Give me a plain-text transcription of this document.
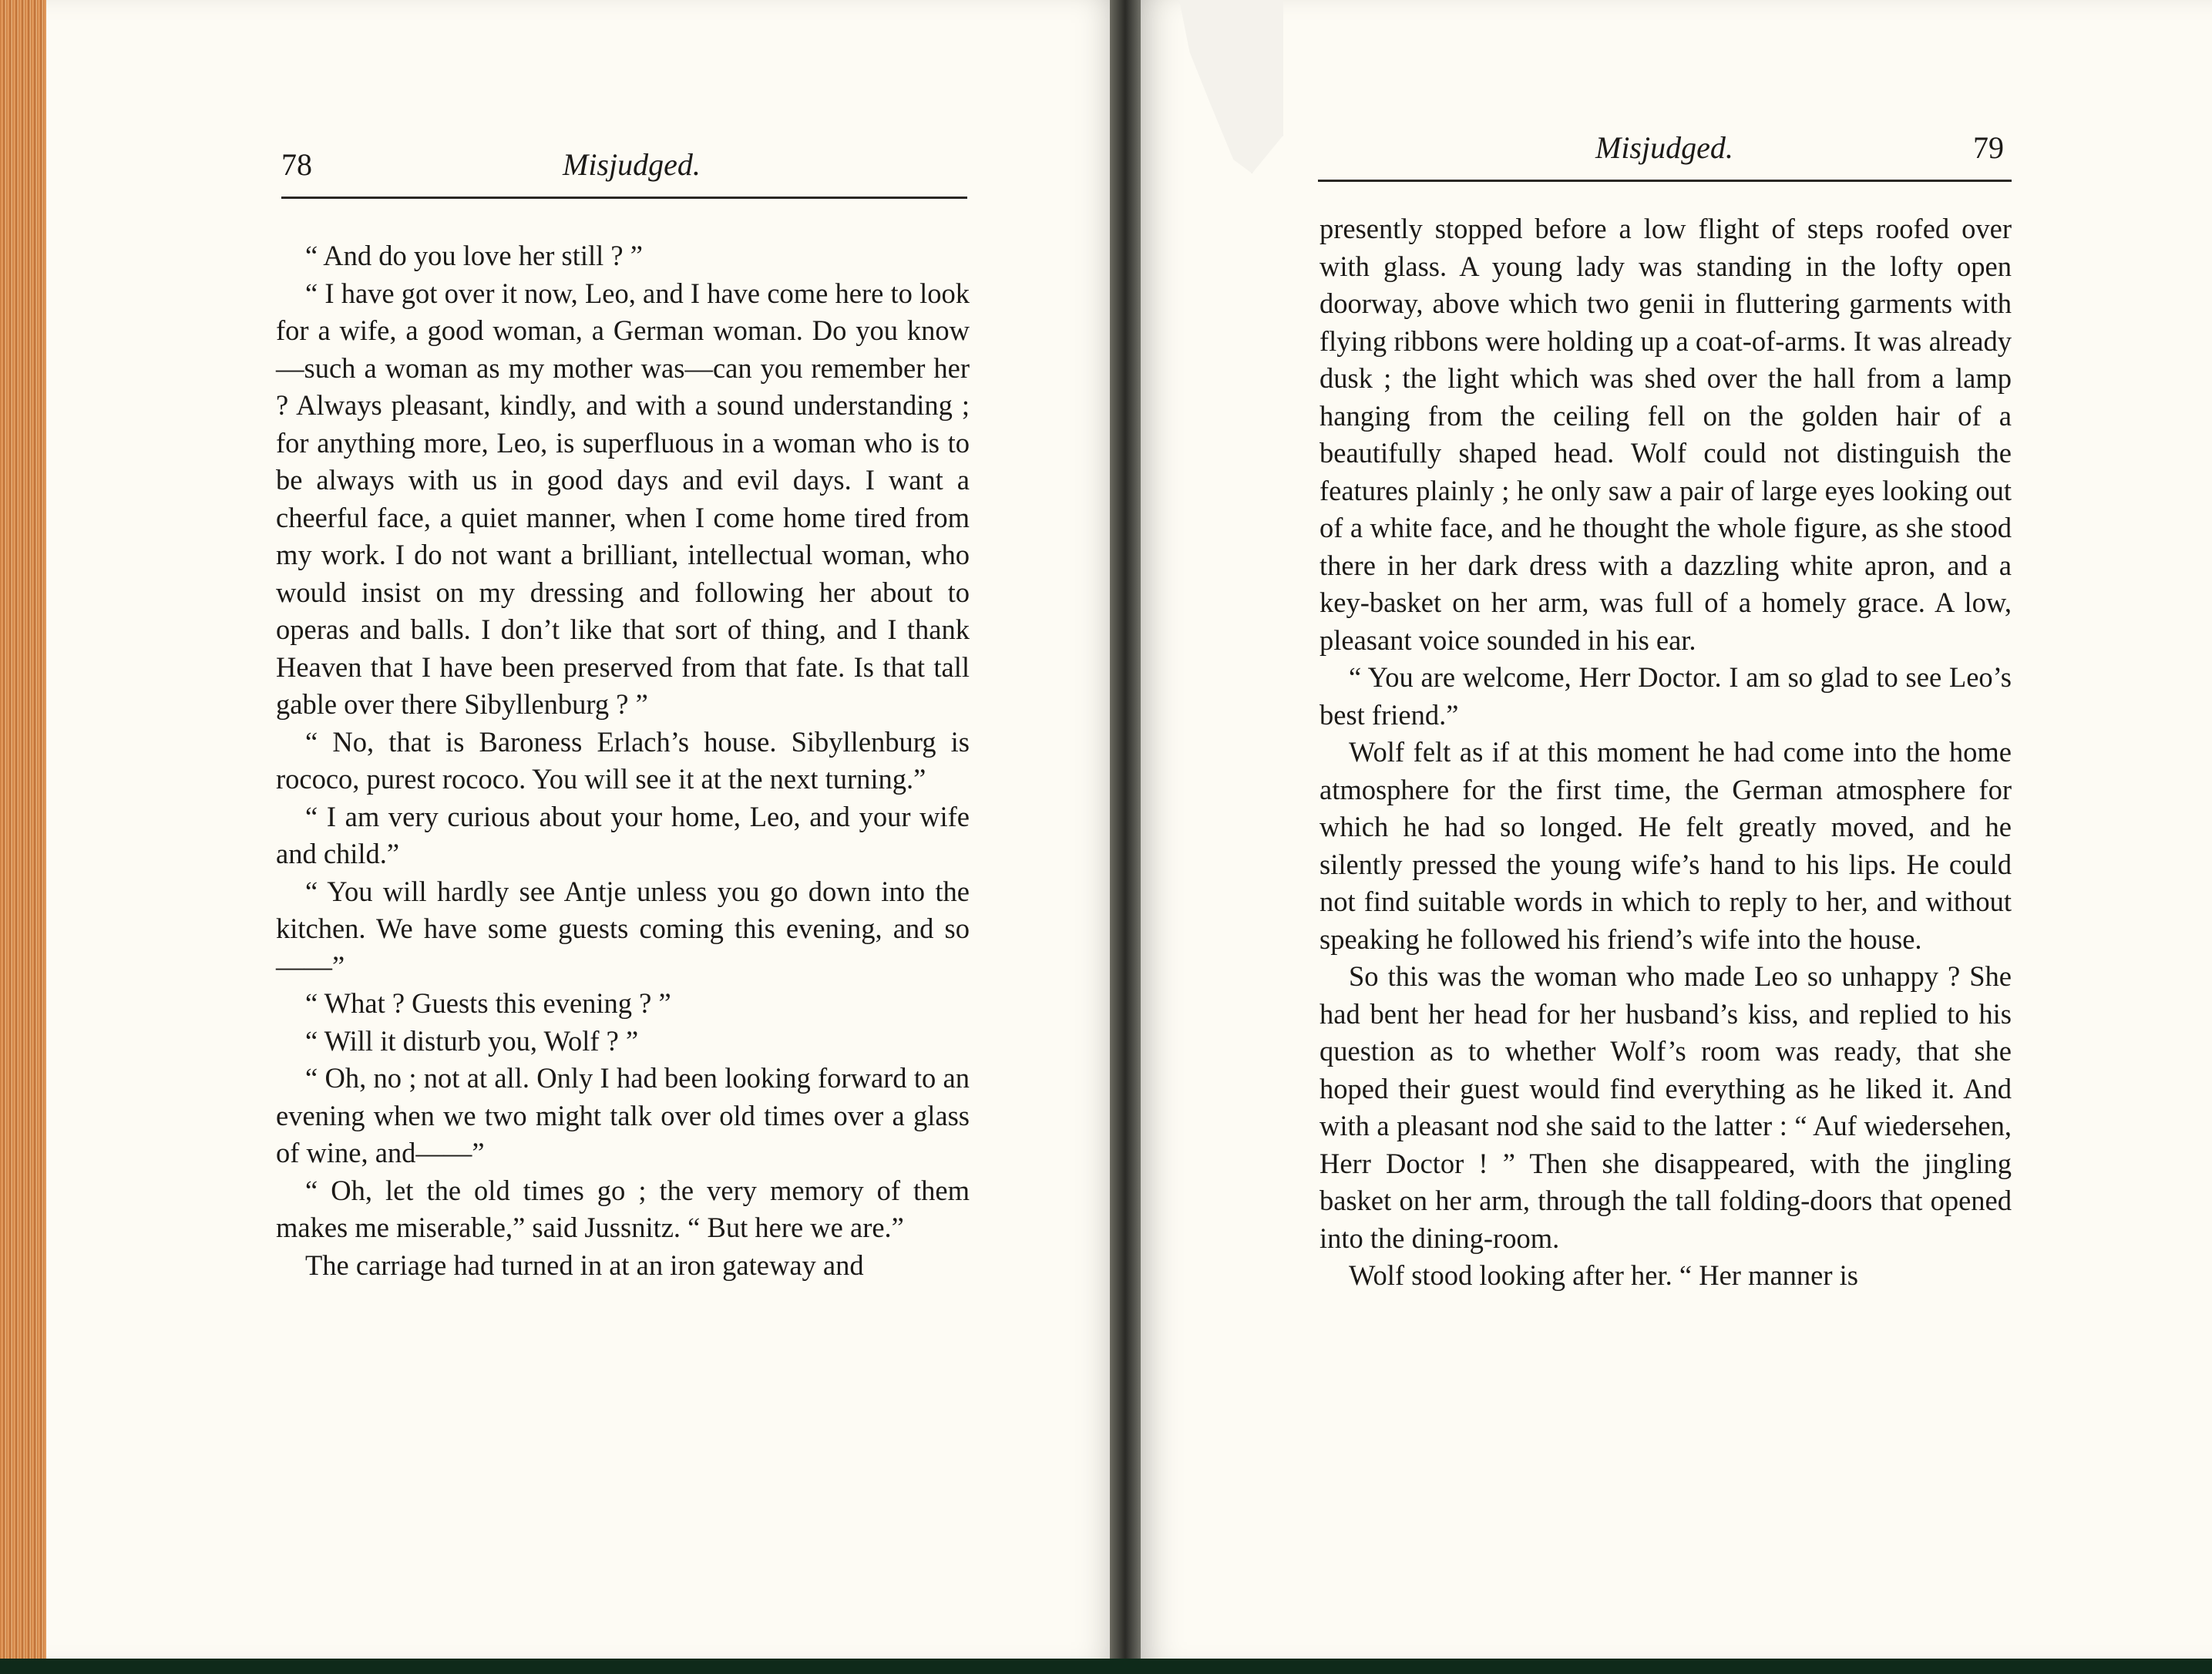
78	Misjudged.	Misjudged.	79

“ And do you love her still ? ”

“ I have got over it now, Leo, and I have come here to look for a wife, a good woman, a German woman. Do you know—such a woman as my mother was—can you remember her ? Always pleasant, kindly, and with a sound understanding ; for anything more, Leo, is superfluous in a woman who is to be always with us in good days and evil days. I want a cheerful face, a quiet manner, when I come home tired from my work. I do not want a brilliant, intellectual woman, who would insist on my dressing and following her about to operas and balls. I don’t like that sort of thing, and I thank Heaven that I have been preserved from that fate. Is that tall gable over there Sibyllenburg ? ”

“ No, that is Baroness Erlach’s house. Sibyllenburg is rococo, purest rococo. You will see it at the next turning.”

“ I am very curious about your home, Leo, and your wife and child.”

“ You will hardly see Antje unless you go down into the kitchen. We have some guests coming this evening, and so——”

“ What ? Guests this evening ? ”

“ Will it disturb you, Wolf ? ”

“ Oh, no ; not at all. Only I had been looking forward to an evening when we two might talk over old times over a glass of wine, and——”

“ Oh, let the old times go ; the very memory of them makes me miserable,” said Jussnitz. “ But here we are.”

The carriage had turned in at an iron gateway and

presently stopped before a low flight of steps roofed over with glass. A young lady was standing in the lofty open doorway, above which two genii in fluttering garments with flying ribbons were holding up a coat-of-arms. It was already dusk ; the light which was shed over the hall from a lamp hanging from the ceiling fell on the golden hair of a beautifully shaped head. Wolf could not distinguish the features plainly ; he only saw a pair of large eyes looking out of a white face, and he thought the whole figure, as she stood there in her dark dress with a dazzling white apron, and a key-basket on her arm, was full of a homely grace. A low, pleasant voice sounded in his ear.

“ You are welcome, Herr Doctor. I am so glad to see Leo’s best friend.”

Wolf felt as if at this moment he had come into the home atmosphere for the first time, the German atmosphere for which he had so longed. He felt greatly moved, and he silently pressed the young wife’s hand to his lips. He could not find suitable words in which to reply to her, and without speaking he followed his friend’s wife into the house.

So this was the woman who made Leo so unhappy ? She had bent her head for her husband’s kiss, and replied to his question as to whether Wolf’s room was ready, that she hoped their guest would find everything as he liked it. And with a pleasant nod she said to the latter : “ Auf wiedersehen, Herr Doctor ! ” Then she disappeared, with the jingling basket on her arm, through the tall folding-doors that opened into the dining-room.

Wolf stood looking after her. “ Her manner is
